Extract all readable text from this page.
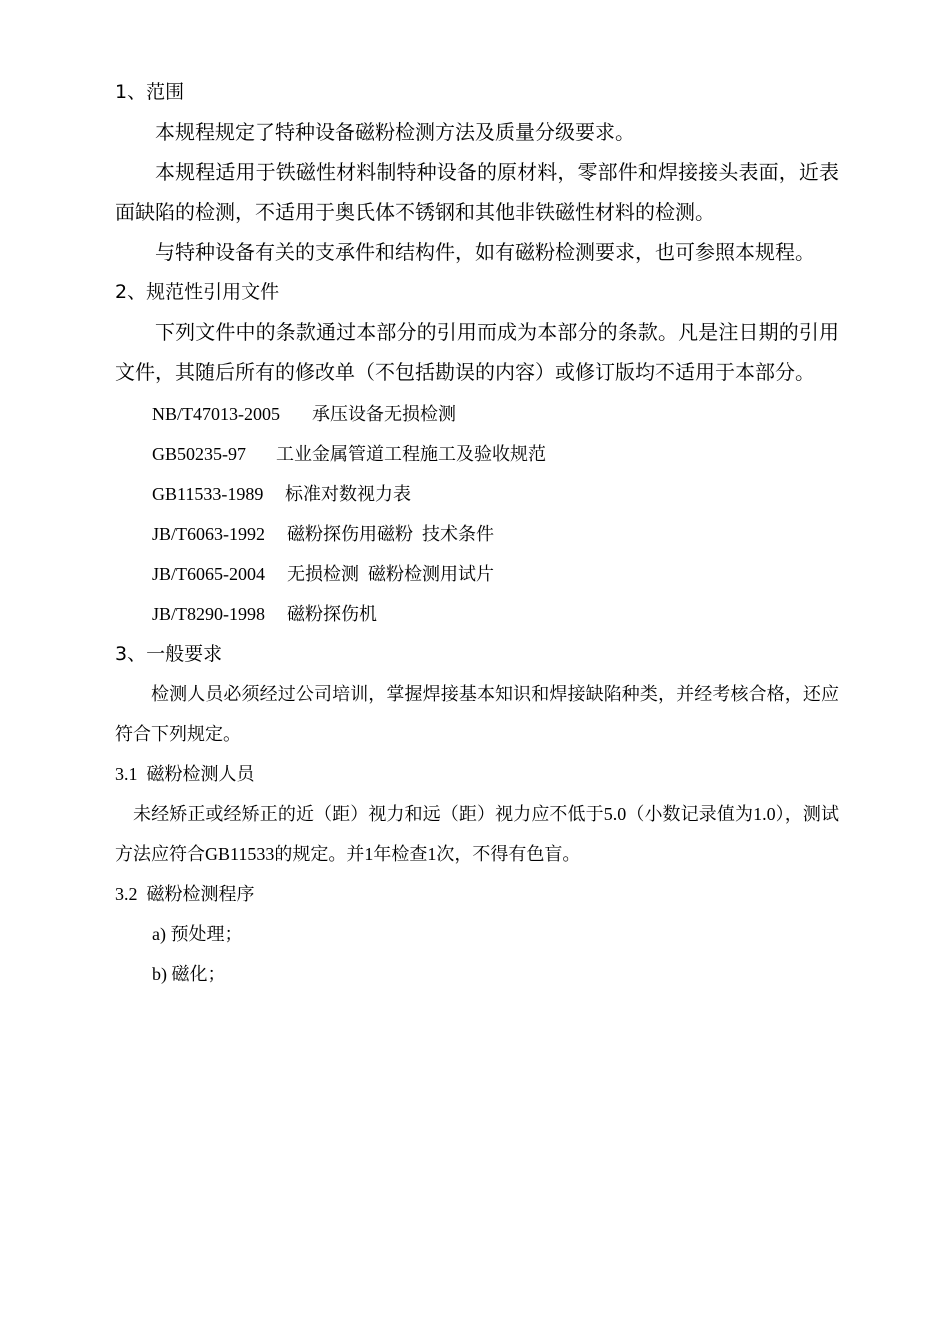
1、范围

本规程规定了特种设备磁粉检测方法及质量分级要求。

本规程适用于铁磁性材料制特种设备的原材料，零部件和焊接接头表面，近表面缺陷的检测，不适用于奥氏体不锈钢和其他非铁磁性材料的检测。

与特种设备有关的支承件和结构件，如有磁粉检测要求，也可参照本规程。

2、规范性引用文件

下列文件中的条款通过本部分的引用而成为本部分的条款。凡是注日期的引用文件，其随后所有的修改单（不包括勘误的内容）或修订版均不适用于本部分。

NB/T47013-2005 承压设备无损检测
GB50235-97 工业金属管道工程施工及验收规范
GB11533-1989 标准对数视力表
JB/T6063-1992 磁粉探伤用磁粉  技术条件
JB/T6065-2004 无损检测  磁粉检测用试片
JB/T8290-1998 磁粉探伤机
3、一般要求

检测人员必须经过公司培训，掌握焊接基本知识和焊接缺陷种类，并经考核合格，还应符合下列规定。

3.1  磁粉检测人员

未经矫正或经矫正的近（距）视力和远（距）视力应不低于5.0（小数记录值为1.0），测试方法应符合GB11533的规定。并1年检查1次，不得有色盲。

3.2  磁粉检测程序
a) 预处理；
b) 磁化；
